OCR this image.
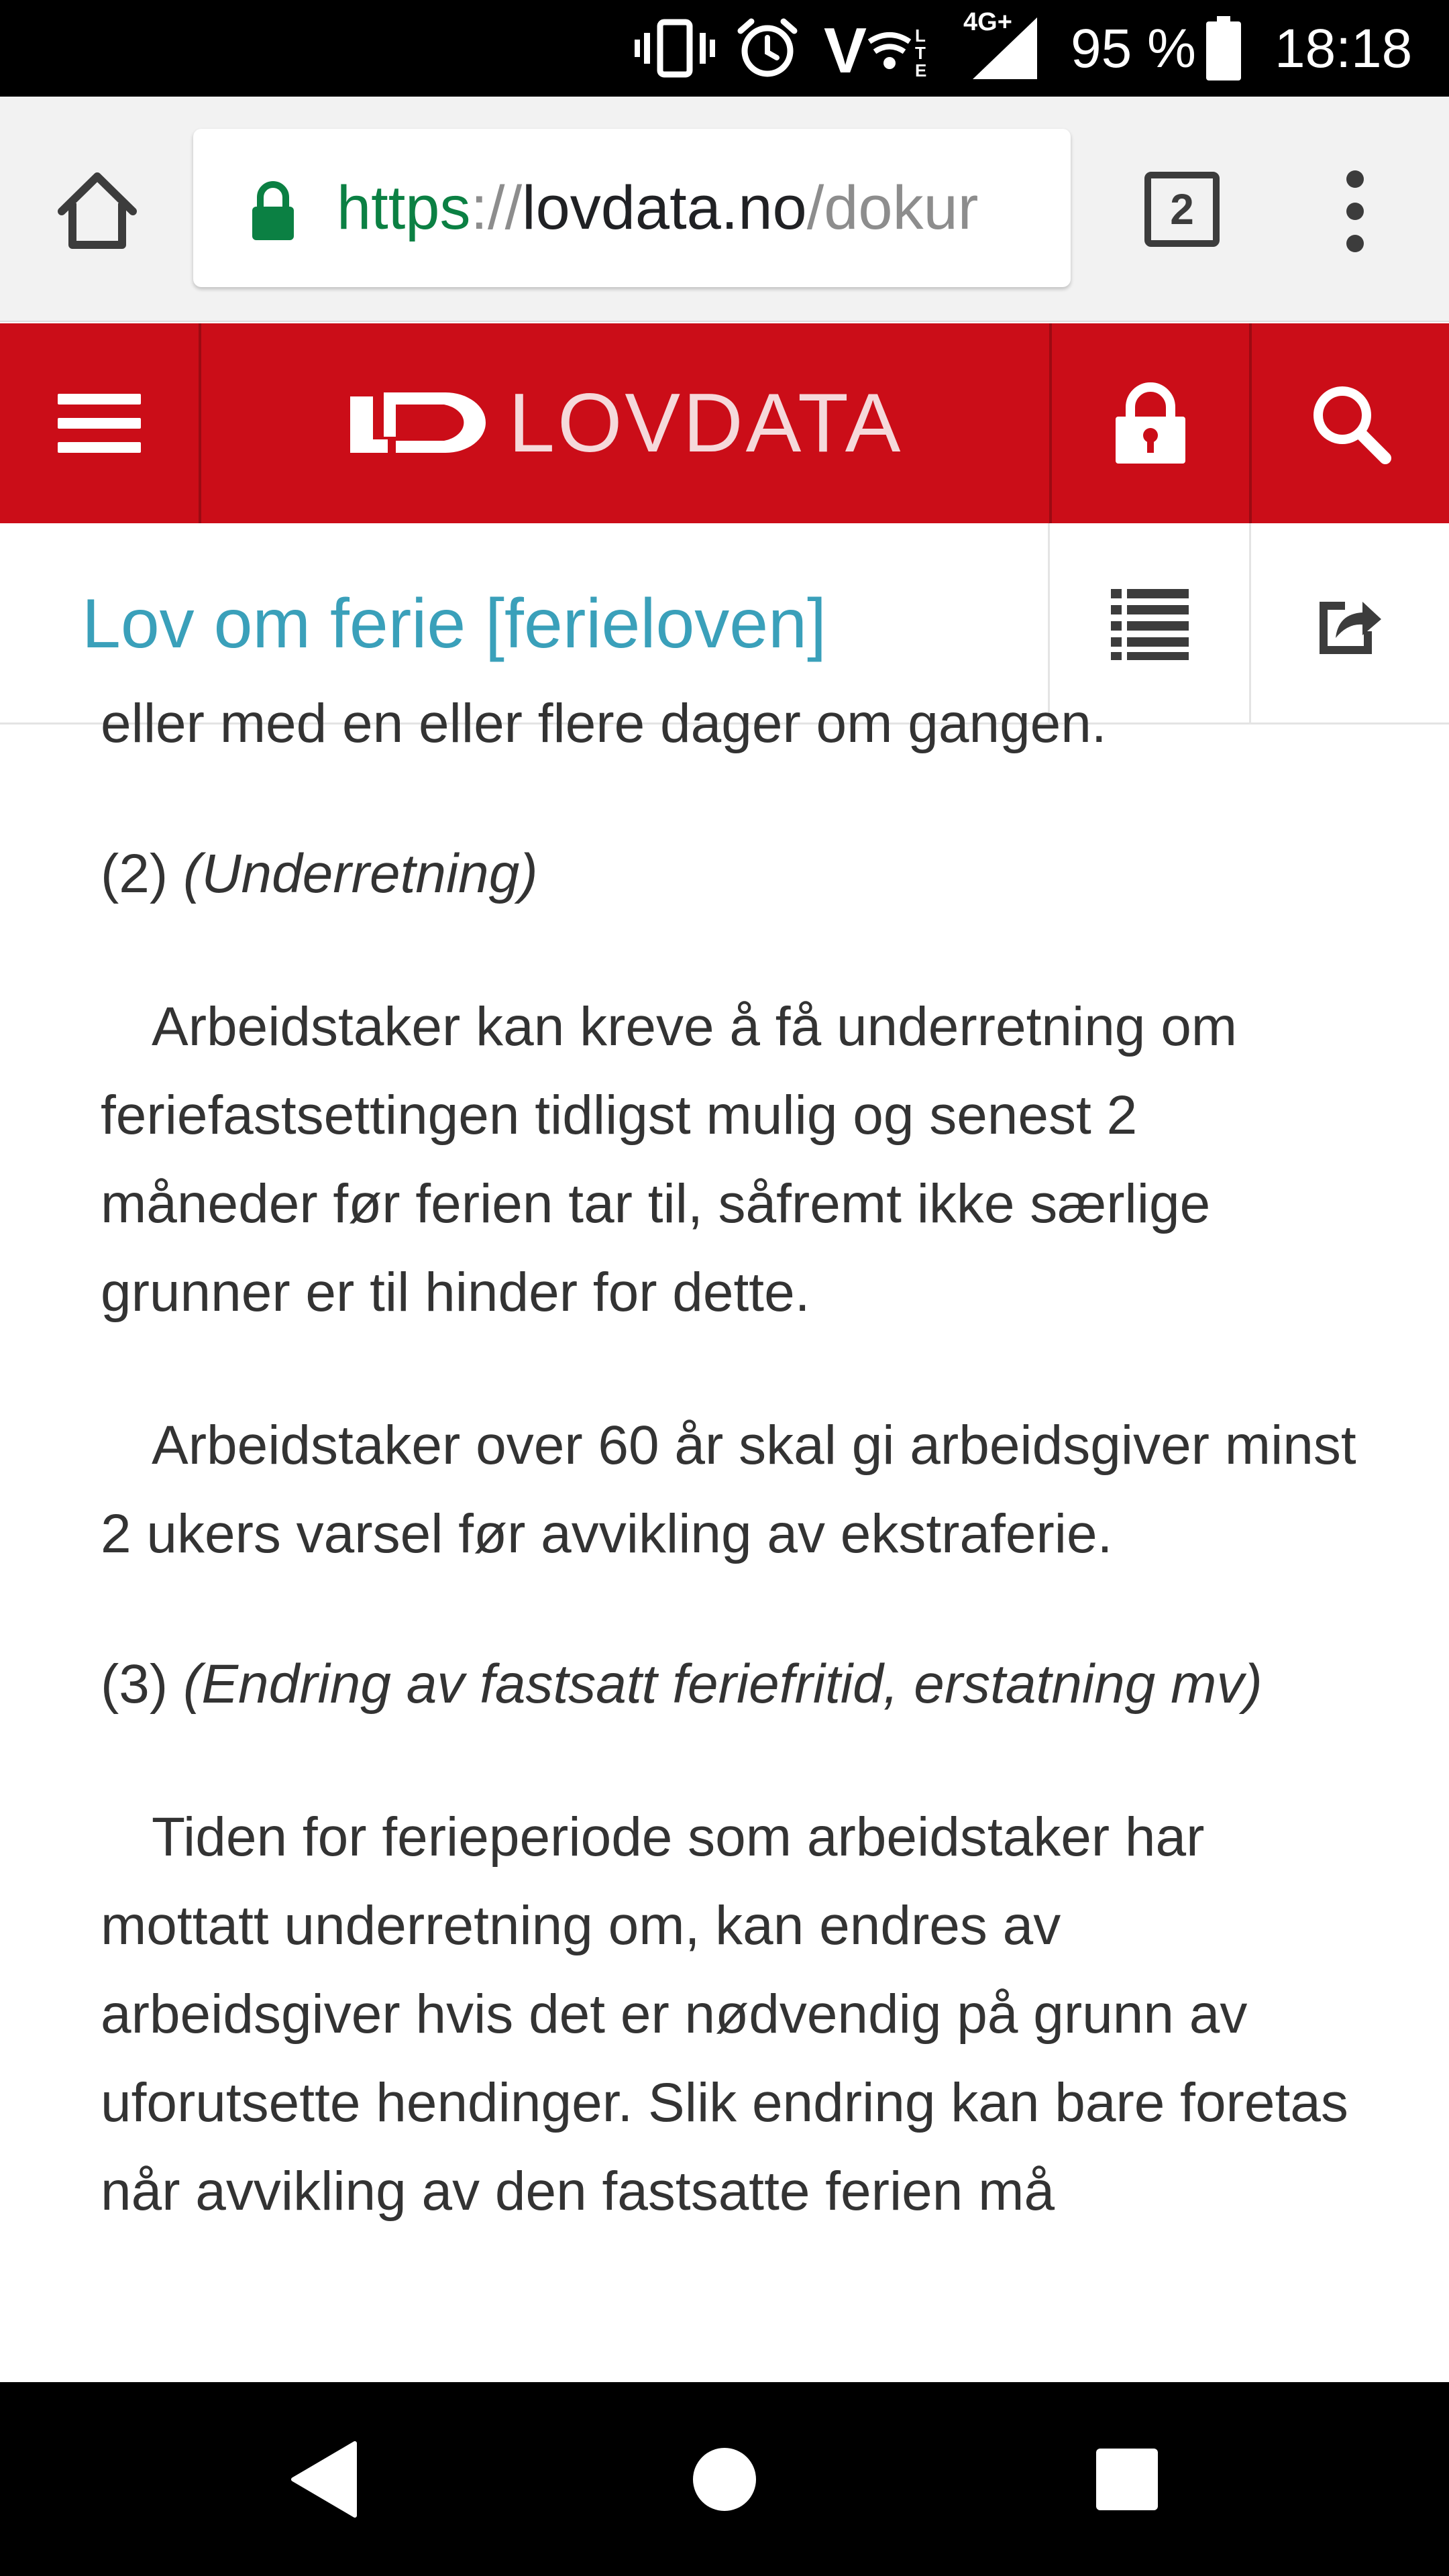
V	L
T
E
4G+ 95 % 18:18
https://lovdata.no/dokur	2
LOVDATA
Lov om ferie [ferieloven]

eller med en eller flere dager om gangen.

(2) (Underretning)

Arbeidstaker kan kreve å få underretning om feriefastsettingen tidligst mulig og senest 2 måneder før ferien tar til, såfremt ikke særlige grunner er til hinder for dette.

Arbeidstaker over 60 år skal gi arbeidsgiver minst 2 ukers varsel før avvikling av ekstraferie.

(3) (Endring av fastsatt feriefritid, erstatning mv)

Tiden for ferieperiode som arbeidstaker har mottatt underretning om, kan endres av arbeidsgiver hvis det er nødvendig på grunn av uforutsette hendinger. Slik endring kan bare foretas når avvikling av den fastsatte ferien må
